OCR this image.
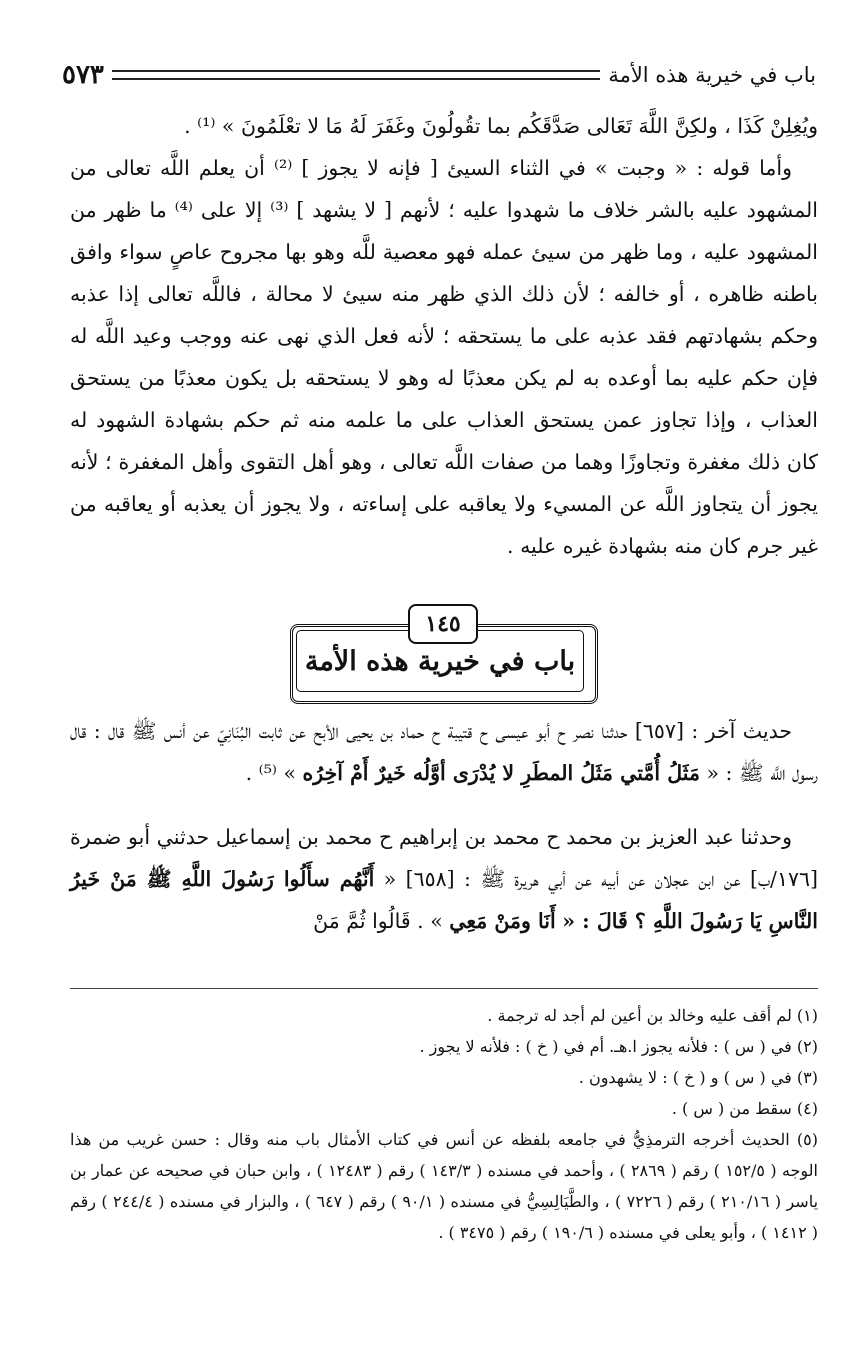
باب في خيرية هذه الأمة
٥٧٣

ويُغِلِنْ كَذَا ، ولكِنَّ اللَّهَ تَعَالى صَدَّقَكُم بما تقُولُونَ وغَفَرَ لَهُ مَا لا تعْلَمُونَ » ⁽¹⁾ .

وأما قوله : « وجبت » في الثناء السيئ [ فإنه لا يجوز ] ⁽²⁾ أن يعلم اللَّه تعالى من المشهود عليه بالشر خلاف ما شهدوا عليه ؛ لأنهم [ لا يشهد ] ⁽³⁾ إلا على ⁽⁴⁾ ما ظهر من المشهود عليه ، وما ظهر من سيئ عمله فهو معصية للَّه وهو بها مجروح عاصٍ سواء وافق باطنه ظاهره ، أو خالفه ؛ لأن ذلك الذي ظهر منه سيئ لا محالة ، فاللَّه تعالى إذا عذبه وحكم بشهادتهم فقد عذبه على ما يستحقه ؛ لأنه فعل الذي نهى عنه ووجب وعيد اللَّه له فإن حكم عليه بما أوعده به لم يكن معذبًا له وهو لا يستحقه بل يكون معذبًا من يستحق العذاب ، وإذا تجاوز عمن يستحق العذاب على ما علمه منه ثم حكم بشهادة الشهود له كان ذلك مغفرة وتجاوزًا وهما من صفات اللَّه تعالى ، وهو أهل التقوى وأهل المغفرة ؛ لأنه يجوز أن يتجاوز اللَّه عن المسيء ولا يعاقبه على إساءته ، ولا يجوز أن يعذبه أو يعاقبه من غير جرم كان منه بشهادة غيره عليه .

باب في خيرية هذه الأمة
١٤٥

حديث آخر : [٦٥٧] حدثنا نصر ح أبو عيسى ح قتيبة ح حماد بن يحيى الأبح عن ثابت البُنَانِيّ عن أنس ﷺ قال : قال رسول اللَّه ﷺ : « مَثَلُ أُمَّتي مَثَلُ المطَرِ لا يُدْرَى أوَّلُه خَيرٌ أَمْ آخِرُه » ⁽⁵⁾ .

وحدثنا عبد العزيز بن محمد ح محمد بن إبراهيم ح محمد بن إسماعيل حدثني أبو ضمرة [١٧٦/ب] عن ابن عجلان عن أبيه عن أبي هريرة ﷺ : [٦٥٨] « أَنَّهُم سأَلُوا رَسُولَ اللَّهِ ﷺ مَنْ خَيرُ النَّاسِ يَا رَسُولَ اللَّهِ ؟ قَالَ : « أَنَا ومَنْ مَعِي » . قَالُوا ثُمَّ مَنْ

(١) لم أقف عليه وخالد بن أعين لم أجد له ترجمة .

(٢) في ( س ) : فلأنه يجوز ا.هـ. أم في ( خ ) : فلأنه لا يجوز .

(٣) في ( س ) و ( خ ) : لا يشهدون .

(٤) سقط من ( س ) .

(٥) الحديث أخرجه الترمذِيُّ في جامعه بلفظه عن أنس في كتاب الأمثال باب منه وقال : حسن غريب من هذا الوجه ( ١٥٢/٥ ) رقم ( ٢٨٦٩ ) ، وأحمد في مسنده ( ١٤٣/٣ ) رقم ( ١٢٤٨٣ ) ، وابن حبان في صحيحه عن عمار بن ياسر ( ٢١٠/١٦ ) رقم ( ٧٢٢٦ ) ، والطَّيَالِسِيُّ في مسنده ( ٩٠/١ ) رقم ( ٦٤٧ ) ، والبزار في مسنده ( ٢٤٤/٤ ) رقم ( ١٤١٢ ) ، وأبو يعلى في مسنده ( ١٩٠/٦ ) رقم ( ٣٤٧٥ ) .
